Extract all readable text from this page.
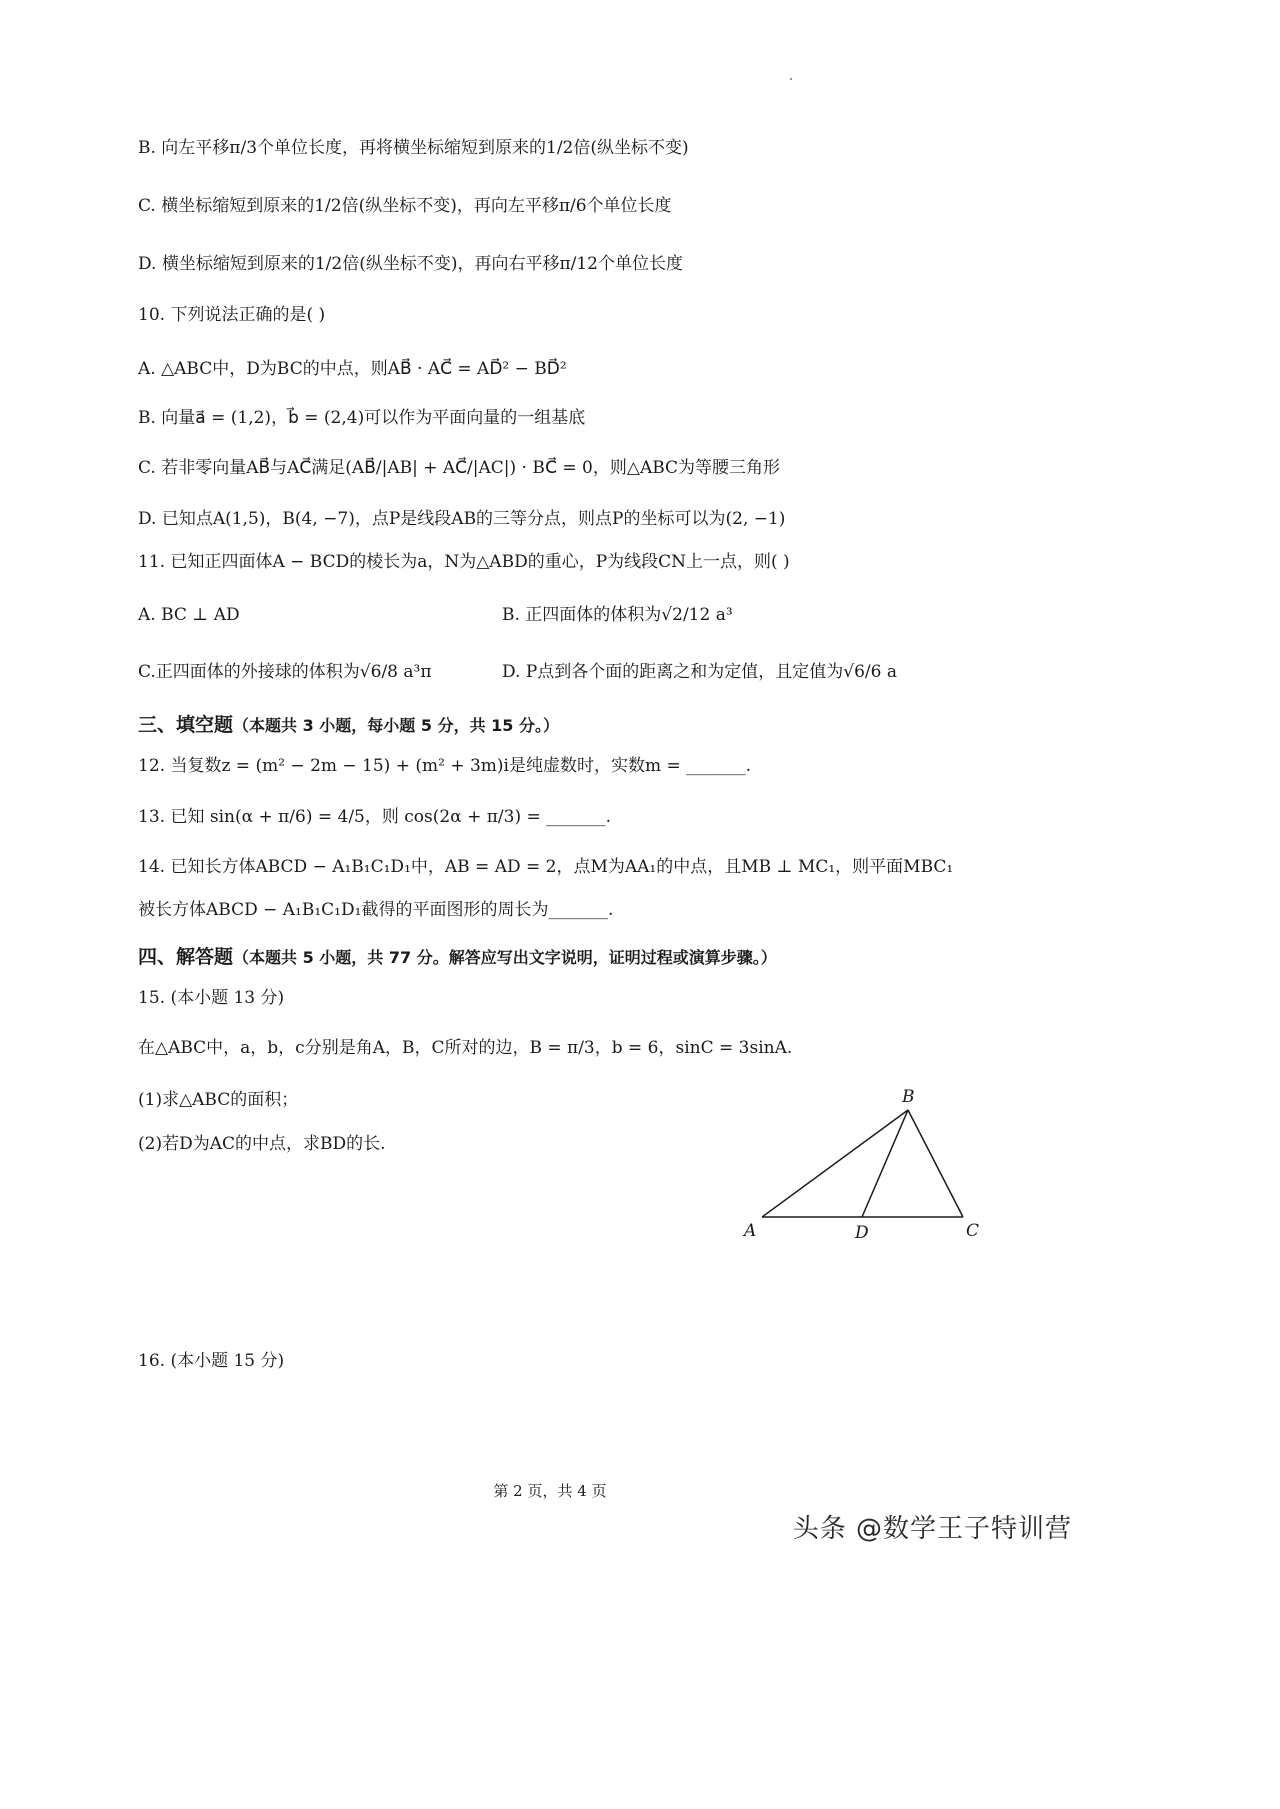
B. 向左平移π/3个单位长度，再将横坐标缩短到原来的1/2倍(纵坐标不变)
C. 横坐标缩短到原来的1/2倍(纵坐标不变)，再向左平移π/6个单位长度
D. 横坐标缩短到原来的1/2倍(纵坐标不变)，再向右平移π/12个单位长度
10. 下列说法正确的是( )
A. △ABC中，D为BC的中点，则AB⃗ · AC⃗ = AD⃗² − BD⃗²
B. 向量a⃗ = (1,2)，b⃗ = (2,4)可以作为平面向量的一组基底
C. 若非零向量AB⃗与AC⃗满足(AB⃗/|AB| + AC⃗/|AC|) · BC⃗ = 0，则△ABC为等腰三角形
D. 已知点A(1,5)，B(4, −7)，点P是线段AB的三等分点，则点P的坐标可以为(2, −1)
11. 已知正四面体A − BCD的棱长为a，N为△ABD的重心，P为线段CN上一点，则( )
A. BC ⊥ AD	B. 正四面体的体积为√2/12 a³
C.正四面体的外接球的体积为√6/8 a³π	D. P点到各个面的距离之和为定值，且定值为√6/6 a
三、填空题（本题共 3 小题，每小题 5 分，共 15 分。）
12. 当复数z = (m² − 2m − 15) + (m² + 3m)i是纯虚数时，实数m = _______.
13. 已知 sin(α + π/6) = 4/5，则 cos(2α + π/3) = _______.
14. 已知长方体ABCD − A₁B₁C₁D₁中，AB = AD = 2，点M为AA₁的中点，且MB ⊥ MC₁，则平面MBC₁
被长方体ABCD − A₁B₁C₁D₁截得的平面图形的周长为_______.
四、解答题（本题共 5 小题，共 77 分。解答应写出文字说明，证明过程或演算步骤。）
15. (本小题 13 分)
在△ABC中，a，b，c分别是角A，B，C所对的边，B = π/3，b = 6，sinC = 3sinA.
(1)求△ABC的面积；
(2)若D为AC的中点，求BD的长.
B
A	D	C
16. (本小题 15 分)
第 2 页，共 4 页
头条 @数学王子特训营
